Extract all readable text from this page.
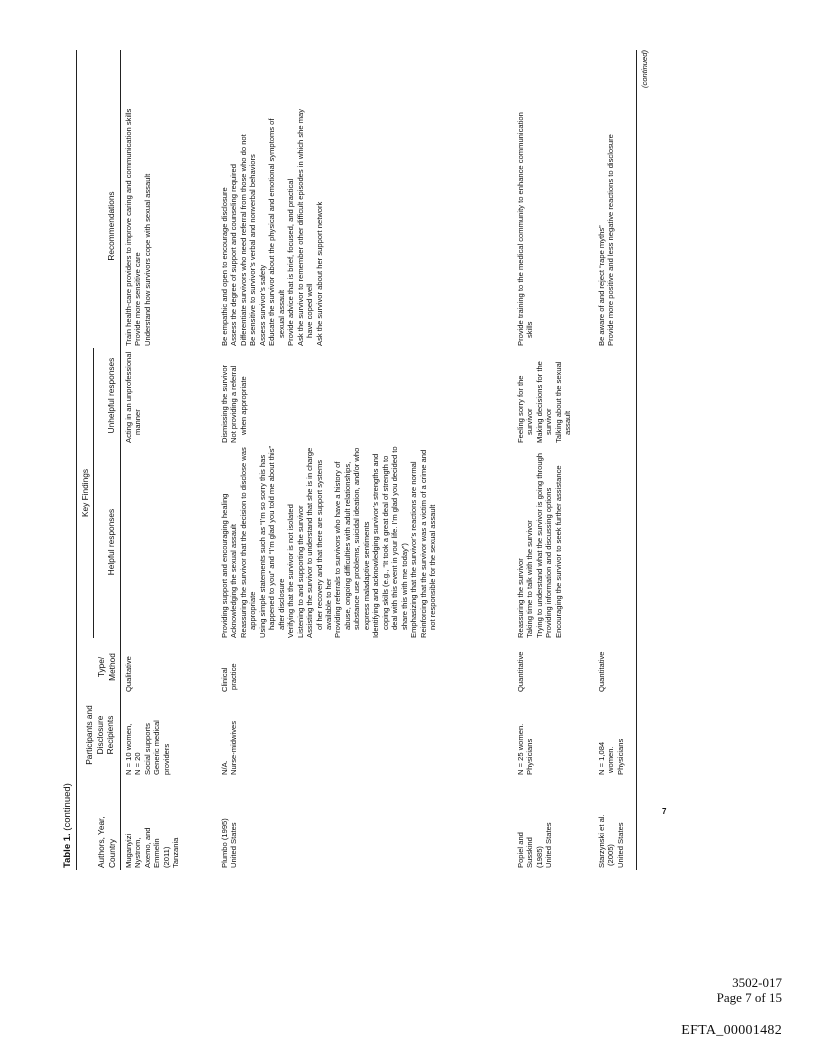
Table 1. (continued)
Authors, Year, Country
Participants and Disclosure Recipients
Type/ Method
Key Findings
Helpful responses
Unhelpful responses
Recommendations
Muganyizi Nystrom, Axemo, and Emmelin (2011) Tanzania
N = 10 women, N = 20 Social supports Generic medical providers
Qualitative
Acting in an unprofessional manner
Train health-care providers to improve caring and communication skills Provide more sensitive care Understand how survivors cope with sexual assault
Plumbo (1995) United States
N/A. Nurse-midwives
Clinical practice
Providing support and encouraging healing Acknowledging the sexual assault Reassuring the survivor that the decision to disclose was appropriate Using simple statements such as “I’m so sorry this has happened to you” and “I’m glad you told me about this” after disclosure Verifying that the survivor is not isolated Listening to and supporting the survivor Assisting the survivor to understand that she is in charge of her recovery and that there are support systems available to her Providing referrals to survivors who have a history of abuse, ongoing difficulties with adult relationships, substance use problems, suicidal ideation, and/or who express maladaptive sentiments Identifying and acknowledging survivor’s strengths and coping skills (e.g., “It took a great deal of strength to deal with this event in your life. I’m glad you decided to share this with me today”) Emphasizing that the survivor’s reactions are normal Reinforcing that the survivor was a victim of a crime and not responsible for the sexual assault
Dismissing the survivor Not providing a referral when appropriate
Be empathic and open to encourage disclosure Assess the degree of support and counseling required Differentiate survivors who need referral from those who do not Be sensitive to survivor’s verbal and nonverbal behaviors Assess survivor’s safety Educate the survivor about the physical and emotional symptoms of sexual assault Provide advice that is brief, focused, and practical Ask the survivor to remember other difficult episodes in which she may have coped well Ask the survivor about her support network
Popiel and Susskind (1985) United States
N = 25 women. Physicians
Quantitative
Reassuring the survivor Taking time to talk with the survivor Trying to understand what the survivor is going through Providing information and discussing options Encouraging the survivor to seek further assistance
Feeling sorry for the survivor Making decisions for the survivor Talking about the sexual assault
Provide training to the medical community to enhance communication skills
Starzynski et al. (2005) United States
N = 1,084 women. Physicians
Quantitative
Be aware of and reject “rape myths” Provide more positive and less negative reactions to disclosure
(continued)
7
3502-017
Page 7 of 15
EFTA_00001482
